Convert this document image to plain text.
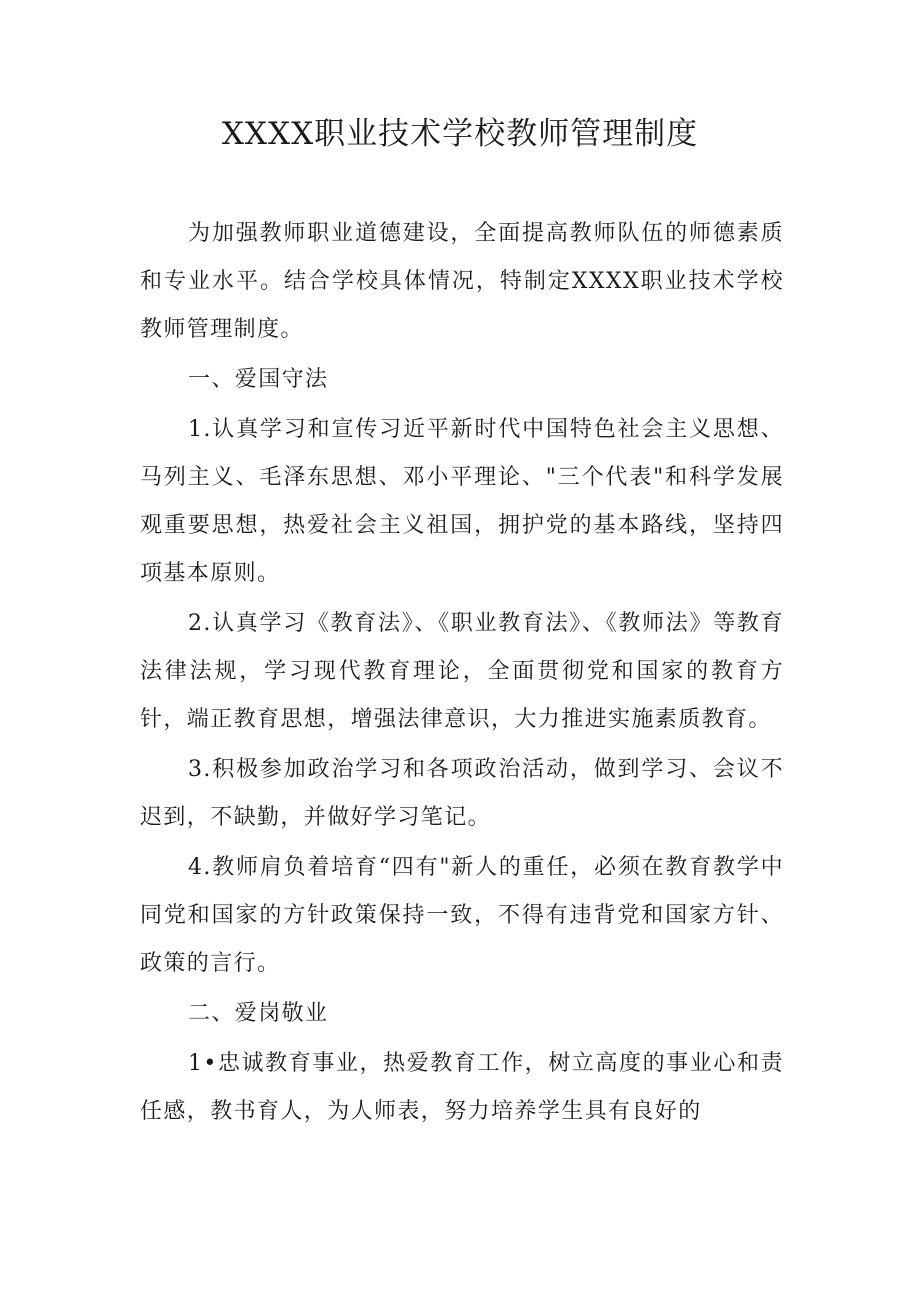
XXXX职业技术学校教师管理制度

为加强教师职业道德建设，全面提高教师队伍的师德素质和专业水平。结合学校具体情况，特制定XXXX职业技术学校教师管理制度。

一、爱国守法

1.认真学习和宣传习近平新时代中国特色社会主义思想、马列主义、毛泽东思想、邓小平理论、"三个代表"和科学发展观重要思想，热爱社会主义祖国，拥护党的基本路线，坚持四项基本原则。

2.认真学习《教育法》、《职业教育法》、《教师法》等教育法律法规，学习现代教育理论，全面贯彻党和国家的教育方针，端正教育思想，增强法律意识，大力推进实施素质教育。

3.积极参加政治学习和各项政治活动，做到学习、会议不迟到，不缺勤，并做好学习笔记。

4.教师肩负着培育“四有"新人的重任，必须在教育教学中同党和国家的方针政策保持一致，不得有违背党和国家方针、政策的言行。

二、爱岗敬业

1•忠诚教育事业，热爱教育工作，树立高度的事业心和责任感，教书育人，为人师表，努力培养学生具有良好的
